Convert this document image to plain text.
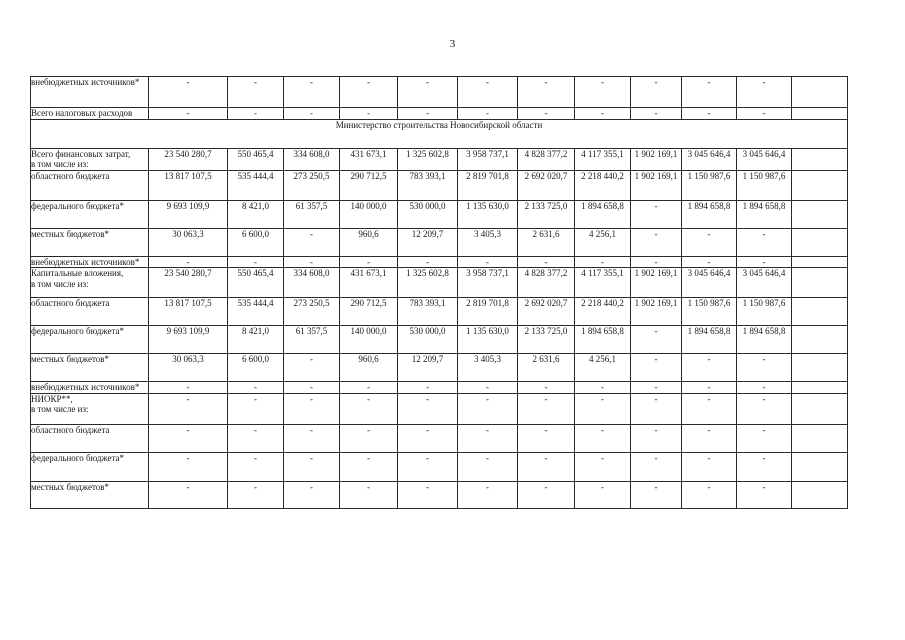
3
внебюджетных источников*	-	-	-	-	-	-	-	-	-	-	-	
Всего налоговых расходов	-	-	-	-	-	-	-	-	-	-	-	
Министерство строительства Новосибирской области												
Всего финансовых затрат,
в том числе из:	23 540 280,7	550 465,4	334 608,0	431 673,1	1 325 602,8	3 958 737,1	4 828 377,2	4 117 355,1	1 902 169,1	3 045 646,4	3 045 646,4	
областного бюджета	13 817 107,5	535 444,4	273 250,5	290 712,5	783 393,1	2 819 701,8	2 692 020,7	2 218 440,2	1 902 169,1	1 150 987,6	1 150 987,6	
федерального бюджета*	9 693 109,9	8 421,0	61 357,5	140 000,0	530 000,0	1 135 630,0	2 133 725,0	1 894 658,8	-	1 894 658,8	1 894 658,8	
местных бюджетов*	30 063,3	6 600,0	-	960,6	12 209,7	3 405,3	2 631,6	4 256,1	-	-	-	
внебюджетных источников*	-	-	-	-	-	-	-	-	-	-	-	
Капитальные вложения,
в том числе из:	23 540 280,7	550 465,4	334 608,0	431 673,1	1 325 602,8	3 958 737,1	4 828 377,2	4 117 355,1	1 902 169,1	3 045 646,4	3 045 646,4	
областного бюджета	13 817 107,5	535 444,4	273 250,5	290 712,5	783 393,1	2 819 701,8	2 692 020,7	2 218 440,2	1 902 169,1	1 150 987,6	1 150 987,6	
федерального бюджета*	9 693 109,9	8 421,0	61 357,5	140 000,0	530 000,0	1 135 630,0	2 133 725,0	1 894 658,8	-	1 894 658,8	1 894 658,8	
местных бюджетов*	30 063,3	6 600,0	-	960,6	12 209,7	3 405,3	2 631,6	4 256,1	-	-	-	
внебюджетных источников*	-	-	-	-	-	-	-	-	-	-	-	
НИОКР**,
в том числе из:	-	-	-	-	-	-	-	-	-	-	-	
областного бюджета	-	-	-	-	-	-	-	-	-	-	-	
федерального бюджета*	-	-	-	-	-	-	-	-	-	-	-	
местных бюджетов*	-	-	-	-	-	-	-	-	-	-	-	
